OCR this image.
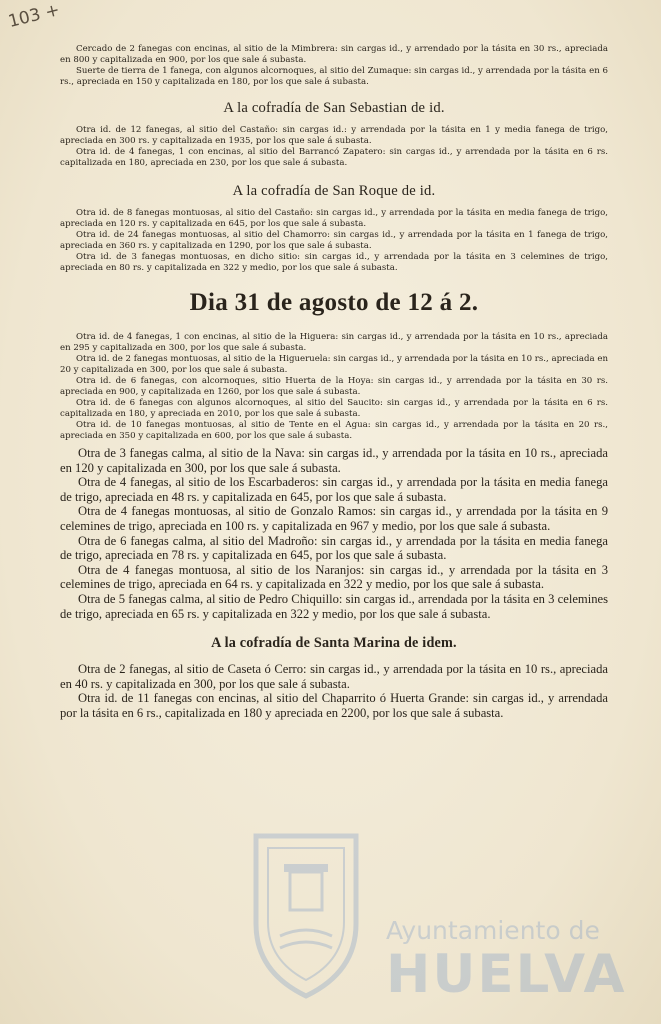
103 +

Cercado de 2 fanegas con encinas, al sitio de la Mimbrera: sin cargas id., y arrendado por la tásita en 30 rs., apreciada en 800 y capitalizada en 900, por los que sale á subasta.

Suerte de tierra de 1 fanega, con algunos alcornoques, al sitio del Zumaque: sin cargas id., y arrendada por la tásita en 6 rs., apreciada en 150 y capitalizada en 180, por los que sale á subasta.

A la cofradía de San Sebastian de id.

Otra id. de 12 fanegas, al sitio del Castaño: sin cargas id.: y arrendada por la tásita en 1 y media fanega de trigo, apreciada en 300 rs. y capitalizada en 1935, por los que sale á subasta.

Otra id. de 4 fanegas, 1 con encinas, al sitio del Barrancó Zapatero: sin cargas id., y arrendada por la tásita en 6 rs. capitalizada en 180, apreciada en 230, por los que sale á subasta.

A la cofradía de San Roque de id.

Otra id. de 8 fanegas montuosas, al sitio del Castaño: sin cargas id., y arrendada por la tásita en media fanega de trigo, apreciada en 120 rs. y capitalizada en 645, por los que sale á subasta.

Otra id. de 24 fanegas montuosas, al sitio del Chamorro: sin cargas id., y arrendada por la tásita en 1 fanega de trigo, apreciada en 360 rs. y capitalizada en 1290, por los que sale á subasta.

Otra id. de 3 fanegas montuosas, en dicho sitio: sin cargas id., y arrendada por la tásita en 3 celemines de trigo, apreciada en 80 rs. y capitalizada en 322 y medio, por los que sale á subasta.

Dia 31 de agosto de 12 á 2.

Otra id. de 4 fanegas, 1 con encinas, al sitio de la Higuera: sin cargas id., y arrendada por la tásita en 10 rs., apreciada en 295 y capitalizada en 300, por los que sale á subasta.

Otra id. de 2 fanegas montuosas, al sitio de la Higueruela: sin cargas id., y arrendada por la tásita en 10 rs., apreciada en 20 y capitalizada en 300, por los que sale á subasta.

Otra id. de 6 fanegas, con alcornoques, sitio Huerta de la Hoya: sin cargas id., y arrendada por la tásita en 30 rs. apreciada en 900, y capitalizada en 1260, por los que sale á subasta.

Otra id. de 6 fanegas con algunos alcornoques, al sitio del Saucito: sin cargas id., y arrendada por la tásita en 6 rs. capitalizada en 180, y apreciada en 2010, por los que sale á subasta.

Otra id. de 10 fanegas montuosas, al sitio de Tente en el Agua: sin cargas id., y arrendada por la tásita en 20 rs., apreciada en 350 y capitalizada en 600, por los que sale á subasta.

Otra de 3 fanegas calma, al sitio de la Nava: sin cargas id., y arrendada por la tásita en 10 rs., apreciada en 120 y capitalizada en 300, por los que sale á subasta.

Otra de 4 fanegas, al sitio de los Escarbaderos: sin cargas id., y arrendada por la tásita en media fanega de trigo, apreciada en 48 rs. y capitalizada en 645, por los que sale á subasta.

Otra de 4 fanegas montuosas, al sitio de Gonzalo Ramos: sin cargas id., y arrendada por la tásita en 9 celemines de trigo, apreciada en 100 rs. y capitalizada en 967 y medio, por los que sale á subasta.

Otra de 6 fanegas calma, al sitio del Madroño: sin cargas id., y arrendada por la tásita en media fanega de trigo, apreciada en 78 rs. y capitalizada en 645, por los que sale á subasta.

Otra de 4 fanegas montuosa, al sitio de los Naranjos: sin cargas id., y arrendada por la tásita en 3 celemines de trigo, apreciada en 64 rs. y capitalizada en 322 y medio, por los que sale á subasta.

Otra de 5 fanegas calma, al sitio de Pedro Chiquillo: sin cargas id., arrendada por la tásita en 3 celemines de trigo, apreciada en 65 rs. y capitalizada en 322 y medio, por los que sale á subasta.

A la cofradía de Santa Marina de idem.

Otra de 2 fanegas, al sitio de Caseta ó Cerro: sin cargas id., y arrendada por la tásita en 10 rs., apreciada en 40 rs. y capitalizada en 300, por los que sale á subasta.

Otra id. de 11 fanegas con encinas, al sitio del Chaparrito ó Huerta Grande: sin cargas id., y arrendada por la tásita en 6 rs., capitalizada en 180 y apreciada en 2200, por los que sale á subasta.

Ayuntamiento de
HUELVA
